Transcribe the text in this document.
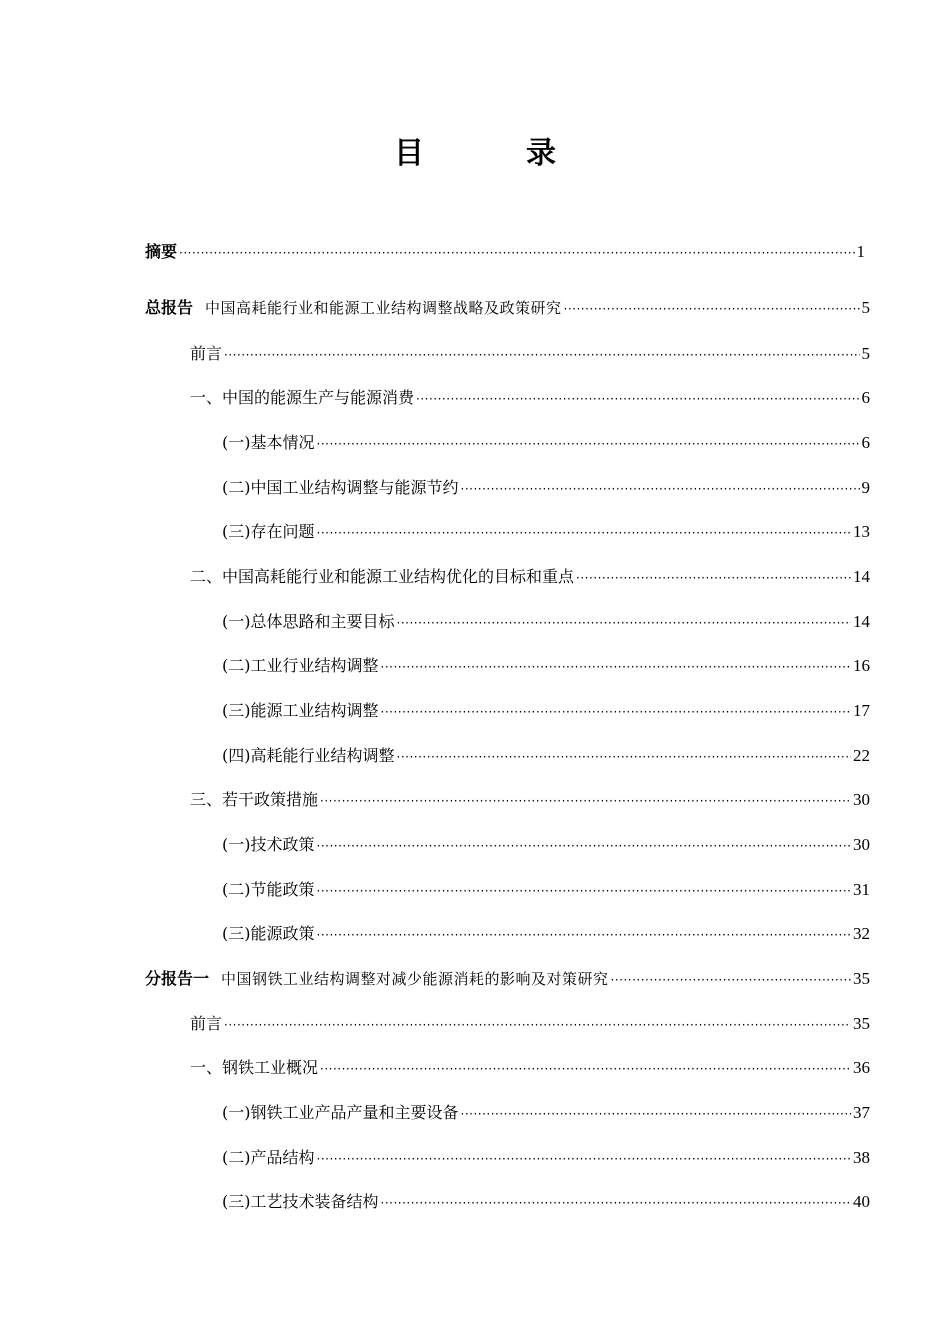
目　录
摘要 ·····	1
总报告 中国高耗能行业和能源工业结构调整战略及政策研究 ·····	5
前言 ·····	5
一、中国的能源生产与能源消费 ·····	6
(一)基本情况 ·····	6
(二)中国工业结构调整与能源节约 ·····	9
(三)存在问题 ·····	13
二、中国高耗能行业和能源工业结构优化的目标和重点 ·····	14
(一)总体思路和主要目标 ·····	14
(二)工业行业结构调整 ·····	16
(三)能源工业结构调整 ·····	17
(四)高耗能行业结构调整 ·····	22
三、若干政策措施 ·····	30
(一)技术政策 ·····	30
(二)节能政策 ·····	31
(三)能源政策 ·····	32
分报告一 中国钢铁工业结构调整对减少能源消耗的影响及对策研究 ·····	35
前言 ·····	35
一、钢铁工业概况 ·····	36
(一)钢铁工业产品产量和主要设备 ·····	37
(二)产品结构 ·····	38
(三)工艺技术装备结构 ·····	40
